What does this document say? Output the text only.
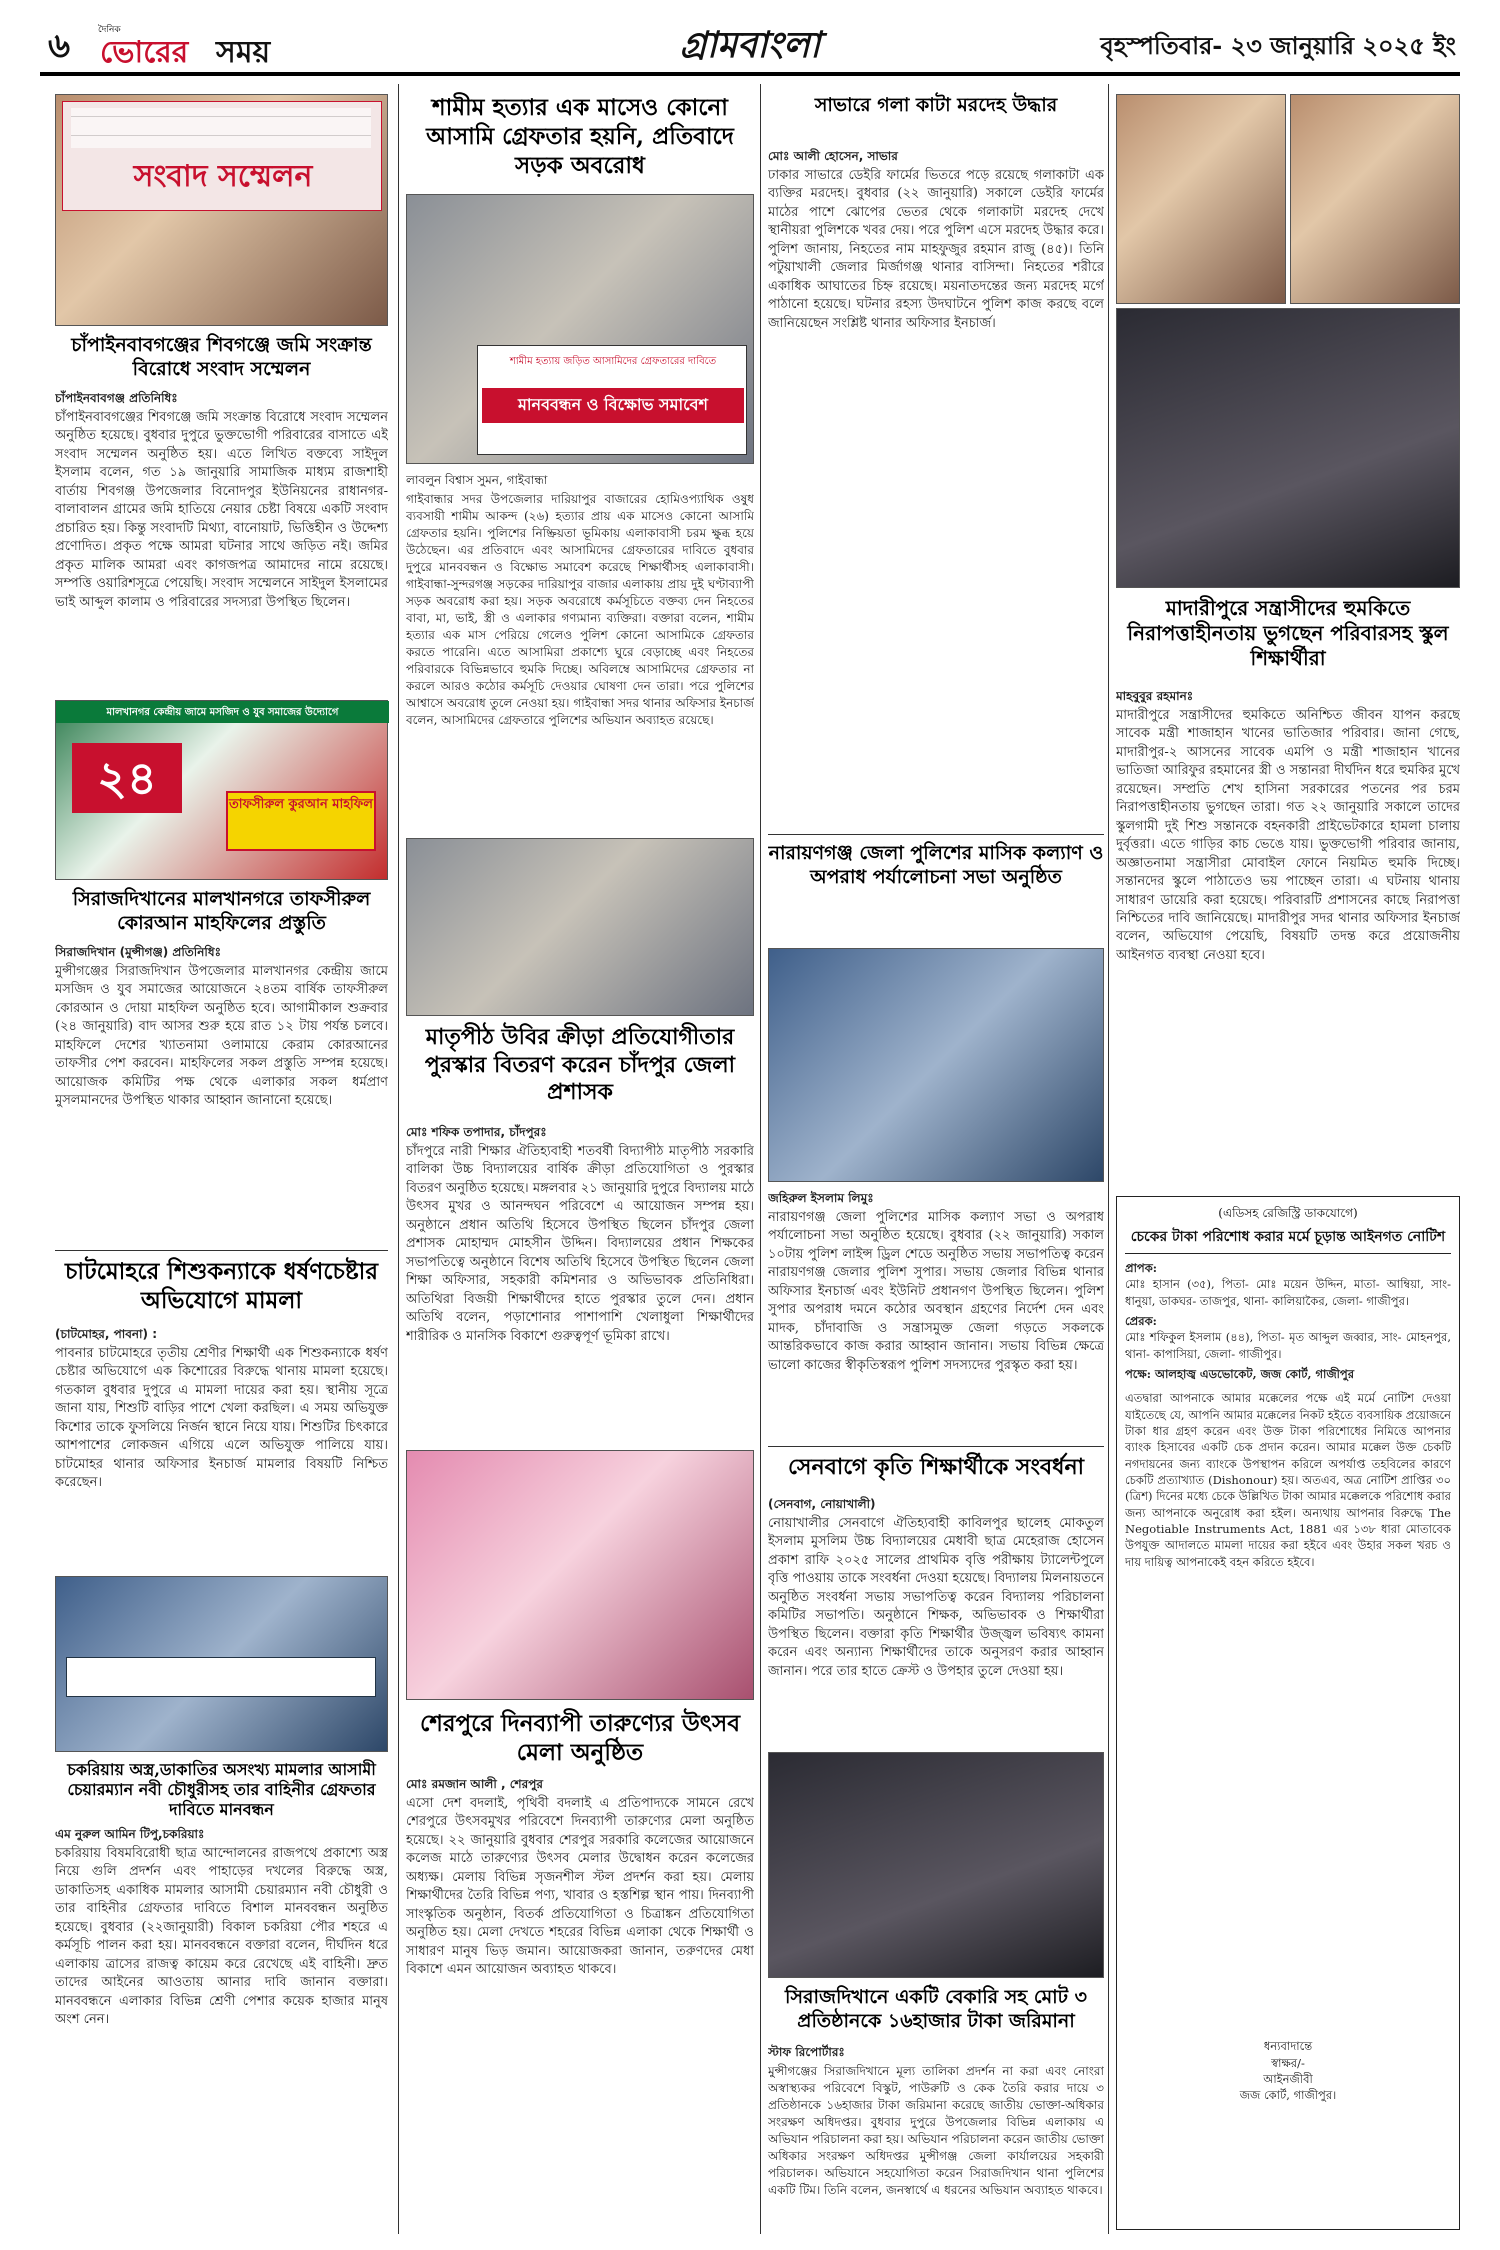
৬	দৈনিক
ভোরের সময়	গ্রামবাংলা	বৃহস্পতিবার- ২৩ জানুয়ারি ২০২৫ ইং
সংবাদ সম্মেলন
চাঁপাইনবাবগঞ্জের শিবগঞ্জে জমি সংক্রান্ত বিরোধে সংবাদ সম্মেলন
চাঁপাইনবাবগঞ্জ প্রতিনিধিঃ
চাঁপাইনবাবগঞ্জের শিবগঞ্জে জমি সংক্রান্ত বিরোধে সংবাদ সম্মেলন অনুষ্ঠিত হয়েছে। বুধবার দুপুরে ভুক্তভোগী পরিবারের বাসাতে এই সংবাদ সম্মেলন অনুষ্ঠিত হয়। এতে লিখিত বক্তব্যে সাইদুল ইসলাম বলেন, গত ১৯ জানুয়ারি সামাজিক মাধ্যম রাজশাহী বার্তায় শিবগঞ্জ উপজেলার বিনোদপুর ইউনিয়নের রাধানগর-বালাবালন গ্রামের জমি হাতিয়ে নেয়ার চেষ্টা বিষয়ে একটি সংবাদ প্রচারিত হয়। কিন্তু সংবাদটি মিথ্যা, বানোয়াট, ভিত্তিহীন ও উদ্দেশ্য প্রণোদিত। প্রকৃত পক্ষে আমরা ঘটনার সাথে জড়িত নই। জমির প্রকৃত মালিক আমরা এবং কাগজপত্র আমাদের নামে রয়েছে। সম্পত্তি ওয়ারিশসূত্রে পেয়েছি। সংবাদ সম্মেলনে সাইদুল ইসলামের ভাই আব্দুল কালাম ও পরিবারের সদস্যরা উপস্থিত ছিলেন।
মালখানগর কেন্দ্রীয় জামে মসজিদ ও যুব সমাজের উদ্যোগে
২৪	তাফসীরুল কুরআন মাহফিল
সিরাজদিখানের মালখানগরে তাফসীরুল কোরআন মাহফিলের প্রস্তুতি
সিরাজদিখান (মুন্সীগঞ্জ) প্রতিনিধিঃ
মুন্সীগঞ্জের সিরাজদিখান উপজেলার মালখানগর কেন্দ্রীয় জামে মসজিদ ও যুব সমাজের আয়োজনে ২৪তম বার্ষিক তাফসীরুল কোরআন ও দোয়া মাহফিল অনুষ্ঠিত হবে। আগামীকাল শুক্রবার (২৪ জানুয়ারি) বাদ আসর শুরু হয়ে রাত ১২ টায় পর্যন্ত চলবে। মাহফিলে দেশের খ্যাতনামা ওলামায়ে কেরাম কোরআনের তাফসীর পেশ করবেন। মাহফিলের সকল প্রস্তুতি সম্পন্ন হয়েছে। আয়োজক কমিটির পক্ষ থেকে এলাকার সকল ধর্মপ্রাণ মুসলমানদের উপস্থিত থাকার আহ্বান জানানো হয়েছে।
চাটমোহরে শিশুকন্যাকে ধর্ষণচেষ্টার অভিযোগে মামলা
(চাটমোহর, পাবনা) :
পাবনার চাটমোহরে তৃতীয় শ্রেণীর শিক্ষার্থী এক শিশুকন্যাকে ধর্ষণ চেষ্টার অভিযোগে এক কিশোরের বিরুদ্ধে থানায় মামলা হয়েছে। গতকাল বুধবার দুপুরে এ মামলা দায়ের করা হয়। স্থানীয় সূত্রে জানা যায়, শিশুটি বাড়ির পাশে খেলা করছিল। এ সময় অভিযুক্ত কিশোর তাকে ফুসলিয়ে নির্জন স্থানে নিয়ে যায়। শিশুটির চিৎকারে আশপাশের লোকজন এগিয়ে এলে অভিযুক্ত পালিয়ে যায়। চাটমোহর থানার অফিসার ইনচার্জ মামলার বিষয়টি নিশ্চিত করেছেন।
চকরিয়ায় অস্ত্র,ডাকাতির অসংখ্য মামলার আসামী চেয়ারম্যান নবী চৌধুরীসহ তার বাহিনীর গ্রেফতার দাবিতে মানবন্ধন
এম নুরুল আমিন টিপু,চকরিয়াঃ
চকরিয়ায় বিষমবিরোধী ছাত্র আন্দোলনের রাজপথে প্রকাশ্যে অস্ত্র নিয়ে গুলি প্রদর্শন এবং পাহাড়ের দখলের বিরুদ্ধে অস্ত্র, ডাকাতিসহ একাধিক মামলার আসামী চেয়ারম্যান নবী চৌধুরী ও তার বাহিনীর গ্রেফতার দাবিতে বিশাল মানববন্ধন অনুষ্ঠিত হয়েছে। বুধবার (২২জানুয়ারী) বিকাল চকরিয়া পৌর শহরে এ কর্মসূচি পালন করা হয়। মানববন্ধনে বক্তারা বলেন, দীর্ঘদিন ধরে এলাকায় ত্রাসের রাজত্ব কায়েম করে রেখেছে এই বাহিনী। দ্রুত তাদের আইনের আওতায় আনার দাবি জানান বক্তারা। মানববন্ধনে এলাকার বিভিন্ন শ্রেণী পেশার কয়েক হাজার মানুষ অংশ নেন।
শামীম হত্যার এক মাসেও কোনো আসামি গ্রেফতার হয়নি, প্রতিবাদে সড়ক অবরোধ
শামীম হত্যায় জড়িত আসামিদের গ্রেফতারের দাবিতে
মানববন্ধন ও বিক্ষোভ সমাবেশ
লাবলুন বিশ্বাস সুমন, গাইবান্ধা
গাইবান্ধার সদর উপজেলার দারিয়াপুর বাজারের হোমিওপ্যাথিক ওষুধ ব্যবসায়ী শামীম আকন্দ (২৬) হত্যার প্রায় এক মাসেও কোনো আসামি গ্রেফতার হয়নি। পুলিশের নিষ্ক্রিয়তা ভূমিকায় এলাকাবাসী চরম ক্ষুব্ধ হয়ে উঠেছেন। এর প্রতিবাদে এবং আসামিদের গ্রেফতারের দাবিতে বুধবার দুপুরে মানববন্ধন ও বিক্ষোভ সমাবেশ করেছে শিক্ষার্থীসহ এলাকাবাসী। গাইবান্ধা-সুন্দরগঞ্জ সড়কের দারিয়াপুর বাজার এলাকায় প্রায় দুই ঘণ্টাব্যাপী সড়ক অবরোধ করা হয়। সড়ক অবরোধে কর্মসূচিতে বক্তব্য দেন নিহতের বাবা, মা, ভাই, স্ত্রী ও এলাকার গণ্যমান্য ব্যক্তিরা। বক্তারা বলেন, শামীম হত্যার এক মাস পেরিয়ে গেলেও পুলিশ কোনো আসামিকে গ্রেফতার করতে পারেনি। এতে আসামিরা প্রকাশ্যে ঘুরে বেড়াচ্ছে এবং নিহতের পরিবারকে বিভিন্নভাবে হুমকি দিচ্ছে। অবিলম্বে আসামিদের গ্রেফতার না করলে আরও কঠোর কর্মসূচি দেওয়ার ঘোষণা দেন তারা। পরে পুলিশের আশ্বাসে অবরোধ তুলে নেওয়া হয়। গাইবান্ধা সদর থানার অফিসার ইনচার্জ বলেন, আসামিদের গ্রেফতারে পুলিশের অভিযান অব্যাহত রয়েছে।
মাতৃপীঠ উবির ক্রীড়া প্রতিযোগীতার পুরস্কার বিতরণ করেন চাঁদপুর জেলা প্রশাসক
মোঃ শফিক তপাদার, চাঁদপুরঃ
চাঁদপুরে নারী শিক্ষার ঐতিহ্যবাহী শতবর্ষী বিদ্যাপীঠ মাতৃপীঠ সরকারি বালিকা উচ্চ বিদ্যালয়ের বার্ষিক ক্রীড়া প্রতিযোগিতা ও পুরস্কার বিতরণ অনুষ্ঠিত হয়েছে। মঙ্গলবার ২১ জানুয়ারি দুপুরে বিদ্যালয় মাঠে উৎসব মুখর ও আনন্দঘন পরিবেশে এ আয়োজন সম্পন্ন হয়। অনুষ্ঠানে প্রধান অতিথি হিসেবে উপস্থিত ছিলেন চাঁদপুর জেলা প্রশাসক মোহাম্মদ মোহসীন উদ্দিন। বিদ্যালয়ের প্রধান শিক্ষকের সভাপতিত্বে অনুষ্ঠানে বিশেষ অতিথি হিসেবে উপস্থিত ছিলেন জেলা শিক্ষা অফিসার, সহকারী কমিশনার ও অভিভাবক প্রতিনিধিরা। অতিথিরা বিজয়ী শিক্ষার্থীদের হাতে পুরস্কার তুলে দেন। প্রধান অতিথি বলেন, পড়াশোনার পাশাপাশি খেলাধুলা শিক্ষার্থীদের শারীরিক ও মানসিক বিকাশে গুরুত্বপূর্ণ ভূমিকা রাখে।
শেরপুরে দিনব্যাপী তারুণ্যের উৎসব মেলা অনুষ্ঠিত
মোঃ রমজান আলী , শেরপুর
এসো দেশ বদলাই, পৃথিবী বদলাই এ প্রতিপাদ্যকে সামনে রেখে শেরপুরে উৎসবমুখর পরিবেশে দিনব্যাপী তারুণ্যের মেলা অনুষ্ঠিত হয়েছে। ২২ জানুয়ারি বুধবার শেরপুর সরকারি কলেজের আয়োজনে কলেজ মাঠে তারুণ্যের উৎসব মেলার উদ্বোধন করেন কলেজের অধ্যক্ষ। মেলায় বিভিন্ন সৃজনশীল স্টল প্রদর্শন করা হয়। মেলায় শিক্ষার্থীদের তৈরি বিভিন্ন পণ্য, খাবার ও হস্তশিল্প স্থান পায়। দিনব্যাপী সাংস্কৃতিক অনুষ্ঠান, বিতর্ক প্রতিযোগিতা ও চিত্রাঙ্কন প্রতিযোগিতা অনুষ্ঠিত হয়। মেলা দেখতে শহরের বিভিন্ন এলাকা থেকে শিক্ষার্থী ও সাধারণ মানুষ ভিড় জমান। আয়োজকরা জানান, তরুণদের মেধা বিকাশে এমন আয়োজন অব্যাহত থাকবে।
সাভারে গলা কাটা মরদেহ উদ্ধার
মোঃ আলী হোসেন, সাভার
ঢাকার সাভারে ডেইরি ফার্মের ভিতরে পড়ে রয়েছে গলাকাটা এক ব্যক্তির মরদেহ। বুধবার (২২ জানুয়ারি) সকালে ডেইরি ফার্মের মাঠের পাশে ঝোপের ভেতর থেকে গলাকাটা মরদেহ দেখে স্থানীয়রা পুলিশকে খবর দেয়। পরে পুলিশ এসে মরদেহ উদ্ধার করে। পুলিশ জানায়, নিহতের নাম মাহফুজুর রহমান রাজু (৪৫)। তিনি পটুয়াখালী জেলার মির্জাগঞ্জ থানার বাসিন্দা। নিহতের শরীরে একাধিক আঘাতের চিহ্ন রয়েছে। ময়নাতদন্তের জন্য মরদেহ মর্গে পাঠানো হয়েছে। ঘটনার রহস্য উদঘাটনে পুলিশ কাজ করছে বলে জানিয়েছেন সংশ্লিষ্ট থানার অফিসার ইনচার্জ।
নারায়ণগঞ্জ জেলা পুলিশের মাসিক কল্যাণ ও অপরাধ পর্যালোচনা সভা অনুষ্ঠিত
জহিরুল ইসলাম লিমুঃ
নারায়ণগঞ্জ জেলা পুলিশের মাসিক কল্যাণ সভা ও অপরাধ পর্যালোচনা সভা অনুষ্ঠিত হয়েছে। বুধবার (২২ জানুয়ারি) সকাল ১০টায় পুলিশ লাইন্স ড্রিল শেডে অনুষ্ঠিত সভায় সভাপতিত্ব করেন নারায়ণগঞ্জ জেলার পুলিশ সুপার। সভায় জেলার বিভিন্ন থানার অফিসার ইনচার্জ এবং ইউনিট প্রধানগণ উপস্থিত ছিলেন। পুলিশ সুপার অপরাধ দমনে কঠোর অবস্থান গ্রহণের নির্দেশ দেন এবং মাদক, চাঁদাবাজি ও সন্ত্রাসমুক্ত জেলা গড়তে সকলকে আন্তরিকভাবে কাজ করার আহ্বান জানান। সভায় বিভিন্ন ক্ষেত্রে ভালো কাজের স্বীকৃতিস্বরূপ পুলিশ সদস্যদের পুরস্কৃত করা হয়।
সেনবাগে কৃতি শিক্ষার্থীকে সংবর্ধনা
(সেনবাগ, নোয়াখালী)
নোয়াখালীর সেনবাগে ঐতিহ্যবাহী কাবিলপুর ছালেহ মোকতুল ইসলাম মুসলিম উচ্চ বিদ্যালয়ের মেধাবী ছাত্র মেহেরাজ হোসেন প্রকাশ রাফি ২০২৫ সালের প্রাথমিক বৃত্তি পরীক্ষায় ট্যালেন্টপুলে বৃত্তি পাওয়ায় তাকে সংবর্ধনা দেওয়া হয়েছে। বিদ্যালয় মিলনায়তনে অনুষ্ঠিত সংবর্ধনা সভায় সভাপতিত্ব করেন বিদ্যালয় পরিচালনা কমিটির সভাপতি। অনুষ্ঠানে শিক্ষক, অভিভাবক ও শিক্ষার্থীরা উপস্থিত ছিলেন। বক্তারা কৃতি শিক্ষার্থীর উজ্জ্বল ভবিষ্যৎ কামনা করেন এবং অন্যান্য শিক্ষার্থীদের তাকে অনুসরণ করার আহ্বান জানান। পরে তার হাতে ক্রেস্ট ও উপহার তুলে দেওয়া হয়।
সিরাজদিখানে একটি বেকারি সহ মোট ৩ প্রতিষ্ঠানকে ১৬হাজার টাকা জরিমানা
স্টাফ রিপোর্টারঃ
মুন্সীগঞ্জের সিরাজদিখানে মূল্য তালিকা প্রদর্শন না করা এবং নোংরা অস্বাস্থ্যকর পরিবেশে বিস্কুট, পাউরুটি ও কেক তৈরি করার দায়ে ৩ প্রতিষ্ঠানকে ১৬হাজার টাকা জরিমানা করেছে জাতীয় ভোক্তা-অধিকার সংরক্ষণ অধিদপ্তর। বুধবার দুপুরে উপজেলার বিভিন্ন এলাকায় এ অভিযান পরিচালনা করা হয়। অভিযান পরিচালনা করেন জাতীয় ভোক্তা অধিকার সংরক্ষণ অধিদপ্তর মুন্সীগঞ্জ জেলা কার্যালয়ের সহকারী পরিচালক। অভিযানে সহযোগিতা করেন সিরাজদিখান থানা পুলিশের একটি টিম। তিনি বলেন, জনস্বার্থে এ ধরনের অভিযান অব্যাহত থাকবে।
মাদারীপুরে সন্ত্রাসীদের হুমকিতে নিরাপত্তাহীনতায় ভুগছেন পরিবারসহ স্কুল শিক্ষার্থীরা
মাহবুবুর রহমানঃ
মাদারীপুরে সন্ত্রাসীদের হুমকিতে অনিশ্চিত জীবন যাপন করছে সাবেক মন্ত্রী শাজাহান খানের ভাতিজার পরিবার। জানা গেছে, মাদারীপুর-২ আসনের সাবেক এমপি ও মন্ত্রী শাজাহান খানের ভাতিজা আরিফুর রহমানের স্ত্রী ও সন্তানরা দীর্ঘদিন ধরে হুমকির মুখে রয়েছেন। সম্প্রতি শেখ হাসিনা সরকারের পতনের পর চরম নিরাপত্তাহীনতায় ভুগছেন তারা। গত ২২ জানুয়ারি সকালে তাদের স্কুলগামী দুই শিশু সন্তানকে বহনকারী প্রাইভেটকারে হামলা চালায় দুর্বৃত্তরা। এতে গাড়ির কাচ ভেঙে যায়। ভুক্তভোগী পরিবার জানায়, অজ্ঞাতনামা সন্ত্রাসীরা মোবাইল ফোনে নিয়মিত হুমকি দিচ্ছে। সন্তানদের স্কুলে পাঠাতেও ভয় পাচ্ছেন তারা। এ ঘটনায় থানায় সাধারণ ডায়েরি করা হয়েছে। পরিবারটি প্রশাসনের কাছে নিরাপত্তা নিশ্চিতের দাবি জানিয়েছে। মাদারীপুর সদর থানার অফিসার ইনচার্জ বলেন, অভিযোগ পেয়েছি, বিষয়টি তদন্ত করে প্রয়োজনীয় আইনগত ব্যবস্থা নেওয়া হবে।
(এডিসহ রেজিস্ট্রি ডাকযোগে)
চেকের টাকা পরিশোধ করার মর্মে চূড়ান্ত আইনগত নোটিশ
প্রাপক:
মোঃ হাসান (৩৫), পিতা- মোঃ ময়েন উদ্দিন, মাতা- আম্বিয়া, সাং- ধানুয়া, ডাকঘর- তাজপুর, থানা- কালিয়াকৈর, জেলা- গাজীপুর।
প্রেরক:
মোঃ শফিকুল ইসলাম (৪৪), পিতা- মৃত আব্দুল জব্বার, সাং- মোহনপুর, থানা- কাপাসিয়া, জেলা- গাজীপুর।
পক্ষে: আলহাজ্ব এডভোকেট, জজ কোর্ট, গাজীপুর
এতদ্বারা আপনাকে আমার মক্কেলের পক্ষে এই মর্মে নোটিশ দেওয়া যাইতেছে যে, আপনি আমার মক্কেলের নিকট হইতে ব্যবসায়িক প্রয়োজনে টাকা ধার গ্রহণ করেন এবং উক্ত টাকা পরিশোধের নিমিত্তে আপনার ব্যাংক হিসাবের একটি চেক প্রদান করেন। আমার মক্কেল উক্ত চেকটি নগদায়নের জন্য ব্যাংকে উপস্থাপন করিলে অপর্যাপ্ত তহবিলের কারণে চেকটি প্রত্যাখ্যাত (Dishonour) হয়। অতএব, অত্র নোটিশ প্রাপ্তির ৩০ (ত্রিশ) দিনের মধ্যে চেকে উল্লিখিত টাকা আমার মক্কেলকে পরিশোধ করার জন্য আপনাকে অনুরোধ করা হইল। অন্যথায় আপনার বিরুদ্ধে The Negotiable Instruments Act, 1881 এর ১৩৮ ধারা মোতাবেক উপযুক্ত আদালতে মামলা দায়ের করা হইবে এবং উহার সকল খরচ ও দায় দায়িত্ব আপনাকেই বহন করিতে হইবে।
ধন্যবাদান্তে
স্বাক্ষর/-
আইনজীবী
জজ কোর্ট, গাজীপুর।
